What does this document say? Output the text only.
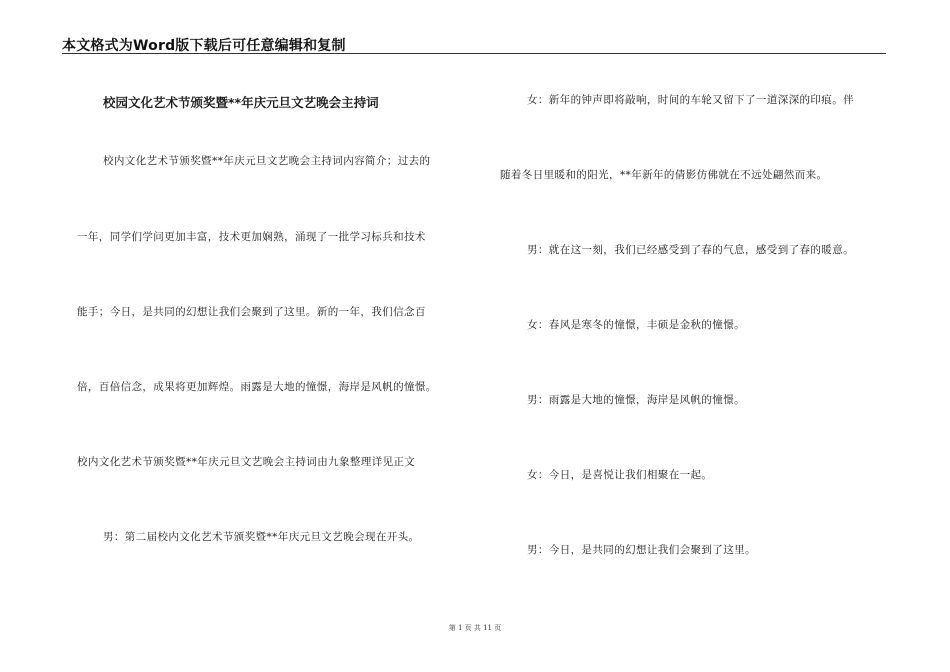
本文格式为Word版下载后可任意编辑和复制
校园文化艺术节颁奖暨**年庆元旦文艺晚会主持词
校内文化艺术节颁奖暨**年庆元旦文艺晚会主持词内容简介；过去的
一年，同学们学问更加丰富，技术更加娴熟，涌现了一批学习标兵和技术
能手；今日，是共同的幻想让我们会聚到了这里。新的一年，我们信念百
倍，百倍信念，成果将更加辉煌。雨露是大地的憧憬，海岸是风帆的憧憬。
校内文化艺术节颁奖暨**年庆元旦文艺晚会主持词由九象整理详见正文
男：第二届校内文化艺术节颁奖暨**年庆元旦文艺晚会现在开头。
女：新年的钟声即将敲响，时间的车轮又留下了一道深深的印痕。伴
随着冬日里暖和的阳光，**年新年的倩影仿佛就在不远处翩然而来。
男：就在这一刻，我们已经感受到了春的气息，感受到了春的暖意。
女：春风是寒冬的憧憬，丰硕是金秋的憧憬。
男：雨露是大地的憧憬，海岸是风帆的憧憬。
女：今日，是喜悦让我们相聚在一起。
男：今日，是共同的幻想让我们会聚到了这里。
第 1 页 共 11 页
